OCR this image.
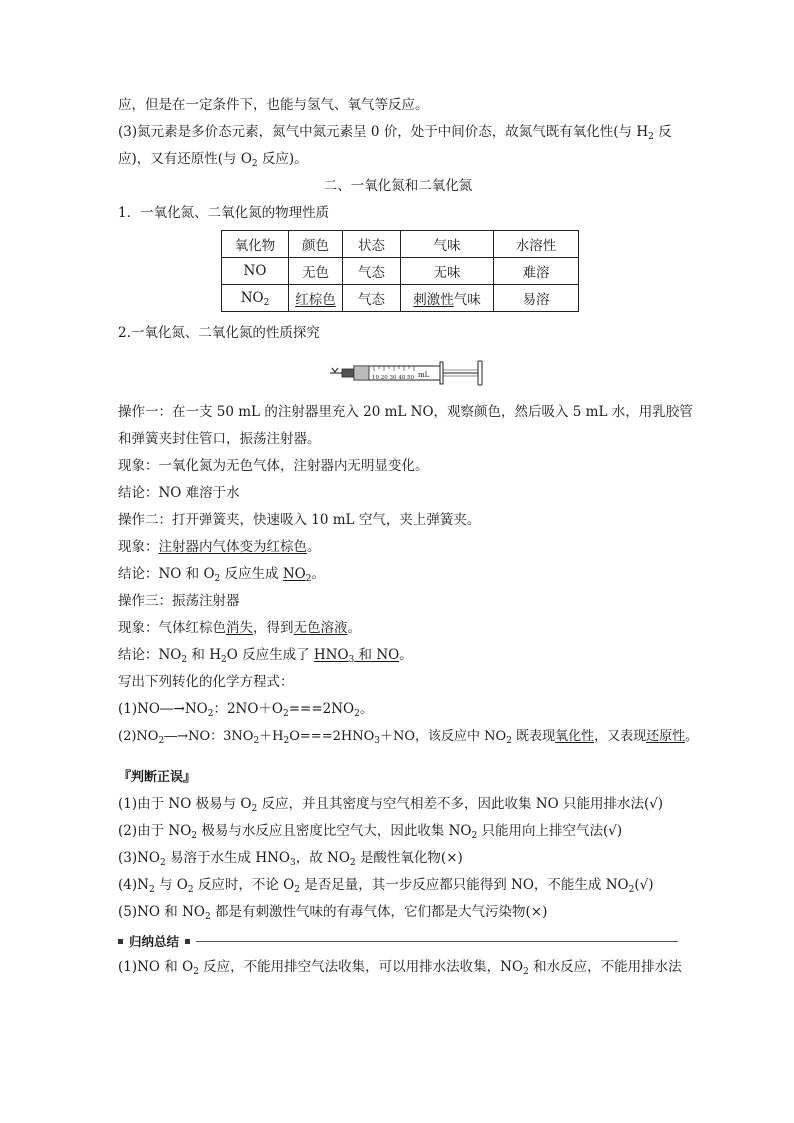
应，但是在一定条件下，也能与氢气、氧气等反应。
(3)氮元素是多价态元素，氮气中氮元素呈 0 价，处于中间价态，故氮气既有氧化性(与 $H_2$ 反
应)，又有还原性(与 $O_2$ 反应)。
二、一氧化氮和二氧化氮
1．一氧化氮、二氧化氮的物理性质
氧化物	颜色	状态	气味	水溶性
NO	无色	气态	无味	难溶
$NO_2$	红棕色	气态	刺激性气味	易溶
2.一氧化氮、二氧化氮的性质探究
10 20 30 40 50 mL
操作一：在一支 50 mL 的注射器里充入 20 mL NO，观察颜色，然后吸入 5 mL 水，用乳胶管
和弹簧夹封住管口，振荡注射器。
现象：一氧化氮为无色气体，注射器内无明显变化。
结论：NO 难溶于水
操作二：打开弹簧夹，快速吸入 10 mL 空气，夹上弹簧夹。
现象：注射器内气体变为红棕色。
结论：NO 和 $O_2$ 反应生成 $NO_2$。
操作三：振荡注射器
现象：气体红棕色消失，得到无色溶液。
结论：$NO_2$ 和 $H_2O$ 反应生成了 $HNO_3$ 和 NO。
写出下列转化的化学方程式：
$(1)NO―\to NO_2$：$2NO+O_2===2NO_2$。
$(2)NO_2―\to NO$：$3NO_2+H_2O===2HNO_3+NO$，该反应中 $NO_2$ 既表现氧化性，又表现还原性。
『判断正误』
(1)由于 NO 极易与 $O_2$ 反应，并且其密度与空气相差不多，因此收集 NO 只能用排水法(√)
(2)由于 $NO_2$ 极易与水反应且密度比空气大，因此收集 $NO_2$ 只能用向上排空气法(√)
$(3)NO_2$ 易溶于水生成 $HNO_3$，故 $NO_2$ 是酸性氧化物(×)
$(4)N_2$ 与 $O_2$ 反应时，不论 $O_2$ 是否足量，其一步反应都只能得到 NO，不能生成 $NO_2(√)$
(5)NO 和 $NO_2$ 都是有刺激性气味的有毒气体，它们都是大气污染物(×)
归纳总结
(1)NO 和 $O_2$ 反应，不能用排空气法收集，可以用排水法收集，$NO_2$ 和水反应，不能用排水法
